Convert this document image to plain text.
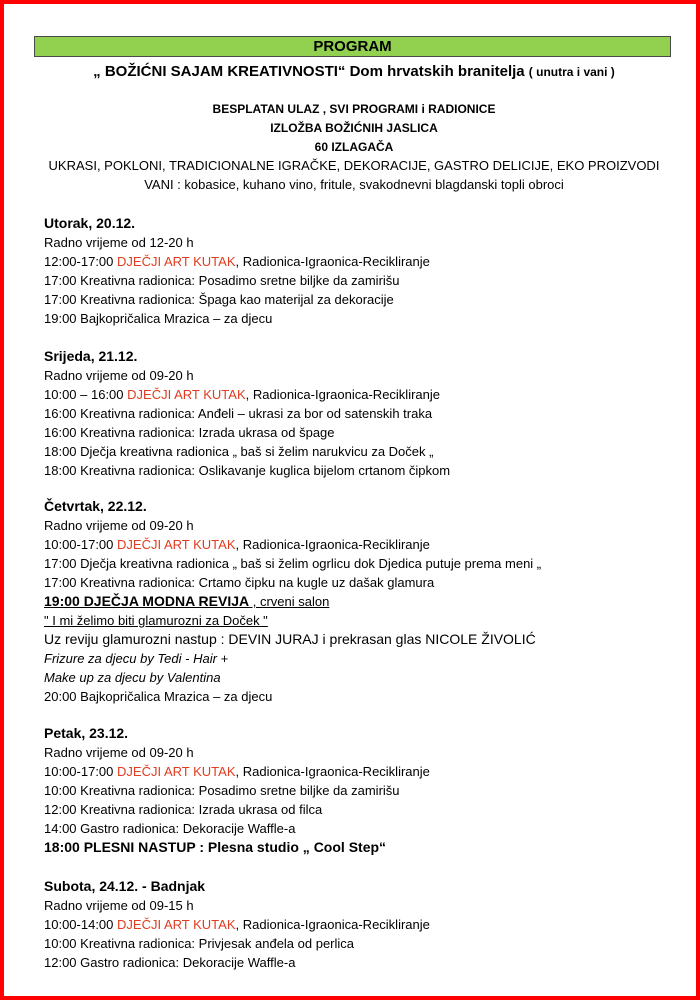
PROGRAM
„ BOŽIĆNI SAJAM KREATIVNOSTI“ Dom hrvatskih branitelja ( unutra i vani )
BESPLATAN ULAZ , SVI PROGRAMI i RADIONICE
IZLOŽBA BOŽIĆNIH JASLICA
60 IZLAGAČA
UKRASI, POKLONI, TRADICIONALNE IGRAČKE, DEKORACIJE, GASTRO DELICIJE, EKO PROIZVODI
VANI : kobasice, kuhano vino, fritule, svakodnevni blagdanski topli obroci
Utorak, 20.12.
Radno vrijeme od 12-20 h
12:00-17:00 DJEČJI ART KUTAK, Radionica-Igraonica-Recikliranje
17:00 Kreativna radionica: Posadimo sretne biljke da zamirišu
17:00 Kreativna radionica: Špaga kao materijal za dekoracije
19:00 Bajkopričalica Mrazica – za djecu
Srijeda, 21.12.
Radno vrijeme od 09-20 h
10:00 – 16:00 DJEČJI ART KUTAK, Radionica-Igraonica-Recikliranje
16:00 Kreativna radionica: Anđeli – ukrasi za bor od satenskih traka
16:00 Kreativna radionica: Izrada ukrasa od špage
18:00 Dječja kreativna radionica „ baš si želim narukvicu za Doček „
18:00 Kreativna radionica: Oslikavanje kuglica bijelom crtanom čipkom
Četvrtak, 22.12.
Radno vrijeme od 09-20 h
10:00-17:00 DJEČJI ART KUTAK, Radionica-Igraonica-Recikliranje
17:00 Dječja kreativna radionica „ baš si želim ogrlicu dok Djedica putuje prema meni „
17:00 Kreativna radionica: Crtamo čipku na kugle uz dašak glamura
19:00 DJEČJA MODNA REVIJA , crveni salon
" I mi želimo biti glamurozni za Doček "
Uz reviju glamurozni nastup : DEVIN JURAJ i prekrasan glas NICOLE ŽIVOLIĆ
Frizure za djecu by Tedi - Hair +
Make up za djecu by Valentina
20:00 Bajkopričalica Mrazica – za djecu
Petak, 23.12.
Radno vrijeme od 09-20 h
10:00-17:00 DJEČJI ART KUTAK, Radionica-Igraonica-Recikliranje
10:00 Kreativna radionica: Posadimo sretne biljke da zamirišu
12:00 Kreativna radionica: Izrada ukrasa od filca
14:00 Gastro radionica: Dekoracije Waffle-a
18:00 PLESNI NASTUP : Plesna studio „ Cool Step“
Subota, 24.12. - Badnjak
Radno vrijeme od 09-15 h
10:00-14:00 DJEČJI ART KUTAK, Radionica-Igraonica-Recikliranje
10:00 Kreativna radionica: Privjesak anđela od perlica
12:00 Gastro radionica: Dekoracije Waffle-a
